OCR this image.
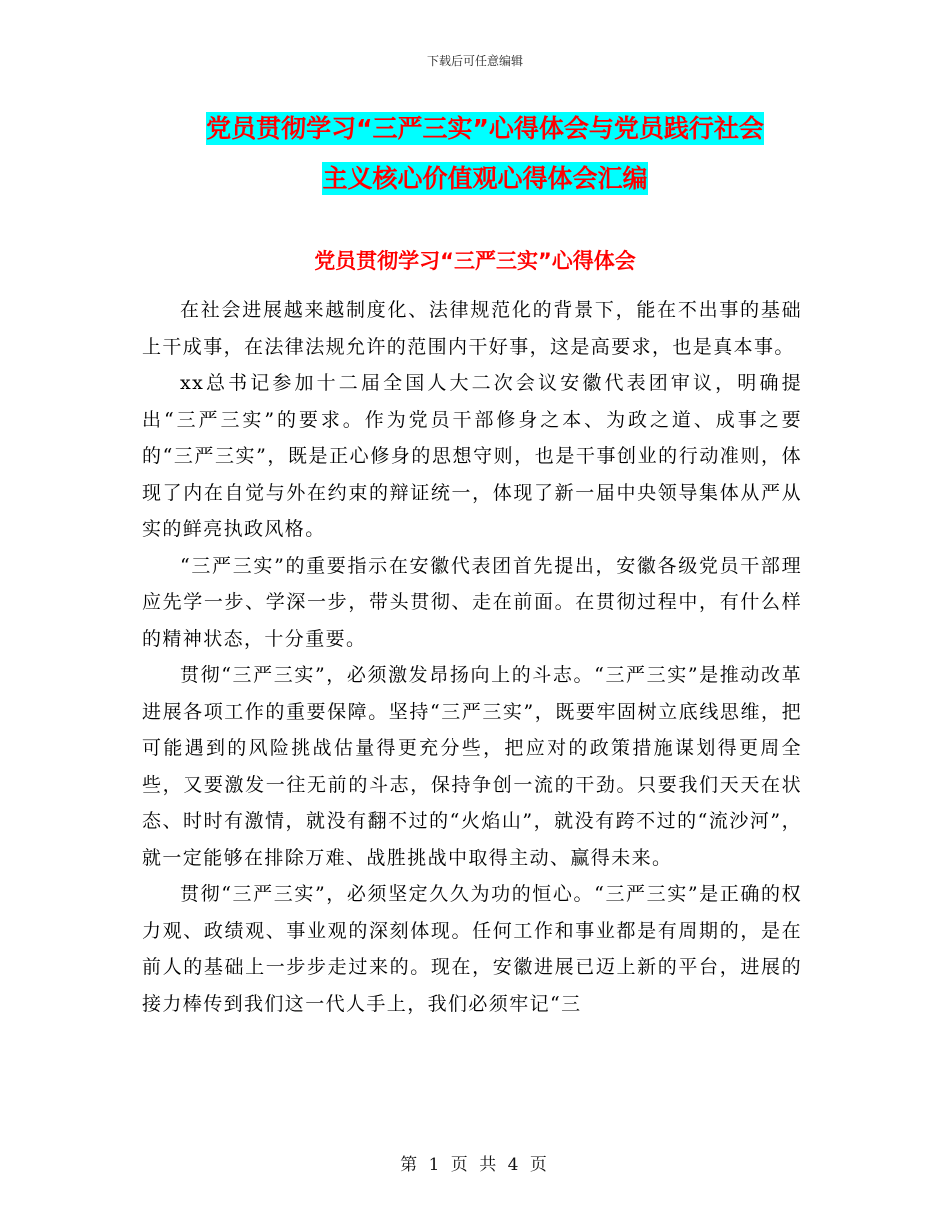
下载后可任意编辑
党员贯彻学习“三严三实”心得体会与党员践行社会
主义核心价值观心得体会汇编
党员贯彻学习“三严三实”心得体会

在社会进展越来越制度化、法律规范化的背景下，能在不出事的基础上干成事，在法律法规允许的范围内干好事，这是高要求，也是真本事。

xx总书记参加十二届全国人大二次会议安徽代表团审议，明确提出“三严三实”的要求。作为党员干部修身之本、为政之道、成事之要的“三严三实”，既是正心修身的思想守则，也是干事创业的行动准则，体现了内在自觉与外在约束的辩证统一，体现了新一届中央领导集体从严从实的鲜亮执政风格。

“三严三实”的重要指示在安徽代表团首先提出，安徽各级党员干部理应先学一步、学深一步，带头贯彻、走在前面。在贯彻过程中，有什么样的精神状态，十分重要。

贯彻“三严三实”，必须激发昂扬向上的斗志。“三严三实”是推动改革进展各项工作的重要保障。坚持“三严三实”，既要牢固树立底线思维，把可能遇到的风险挑战估量得更充分些，把应对的政策措施谋划得更周全些，又要激发一往无前的斗志，保持争创一流的干劲。只要我们天天在状态、时时有激情，就没有翻不过的“火焰山”，就没有跨不过的“流沙河”，就一定能够在排除万难、战胜挑战中取得主动、赢得未来。

贯彻“三严三实”，必须坚定久久为功的恒心。“三严三实”是正确的权力观、政绩观、事业观的深刻体现。任何工作和事业都是有周期的，是在前人的基础上一步步走过来的。现在，安徽进展已迈上新的平台，进展的接力棒传到我们这一代人手上，我们必须牢记“三

第 1 页 共 4 页
